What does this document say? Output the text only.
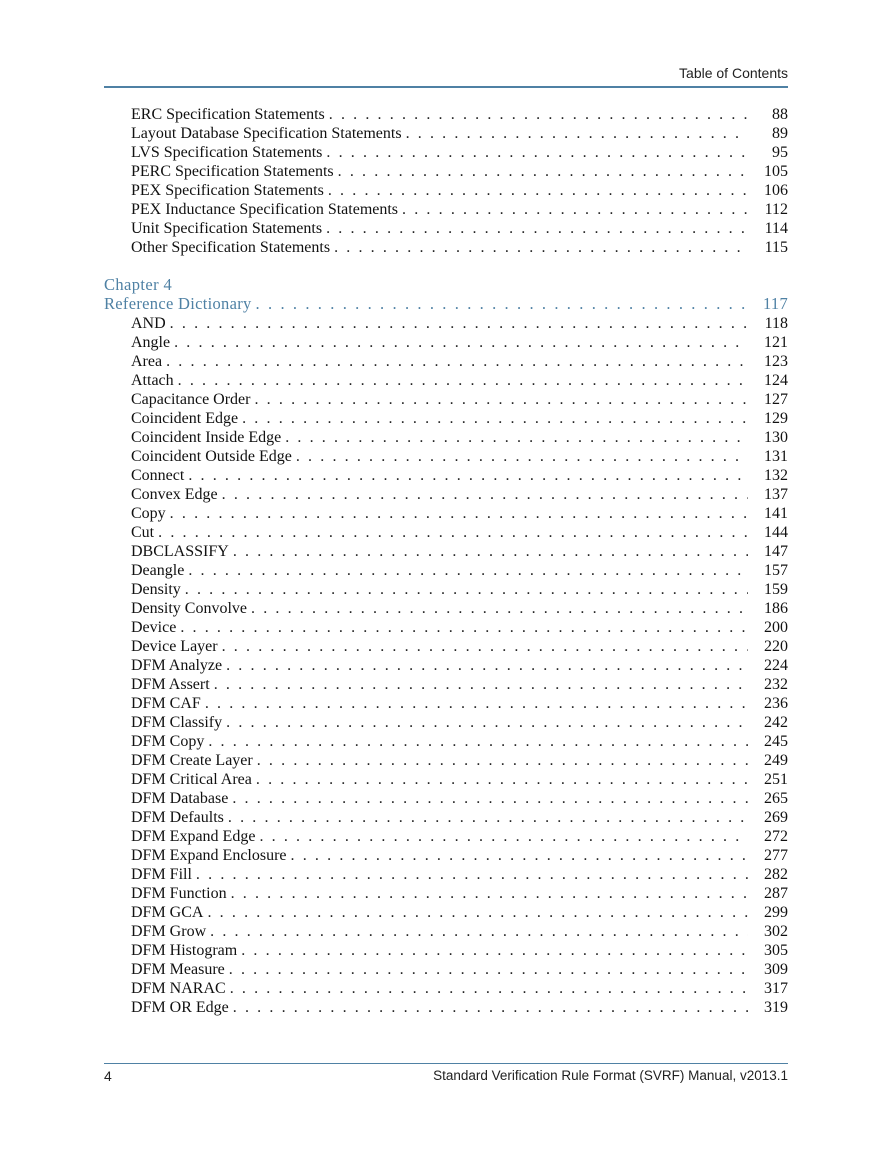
Table of Contents
ERC Specification Statements . . .	88
Layout Database Specification Statements . . .	89
LVS Specification Statements . . .	95
PERC Specification Statements . . .	105
PEX Specification Statements . . .	106
PEX Inductance Specification Statements . . .	112
Unit Specification Statements . . .	114
Other Specification Statements . . .	115
Chapter 4
Reference Dictionary . . .	117
AND . . .	118
Angle . . .	121
Area . . .	123
Attach . . .	124
Capacitance Order . . .	127
Coincident Edge . . .	129
Coincident Inside Edge . . .	130
Coincident Outside Edge . . .	131
Connect . . .	132
Convex Edge . . .	137
Copy . . .	141
Cut . . .	144
DBCLASSIFY . . .	147
Deangle . . .	157
Density . . .	159
Density Convolve . . .	186
Device . . .	200
Device Layer . . .	220
DFM Analyze . . .	224
DFM Assert . . .	232
DFM CAF . . .	236
DFM Classify . . .	242
DFM Copy . . .	245
DFM Create Layer . . .	249
DFM Critical Area . . .	251
DFM Database . . .	265
DFM Defaults . . .	269
DFM Expand Edge . . .	272
DFM Expand Enclosure . . .	277
DFM Fill . . .	282
DFM Function . . .	287
DFM GCA . . .	299
DFM Grow . . .	302
DFM Histogram . . .	305
DFM Measure . . .	309
DFM NARAC . . .	317
DFM OR Edge . . .	319
4	Standard Verification Rule Format (SVRF) Manual, v2013.1
